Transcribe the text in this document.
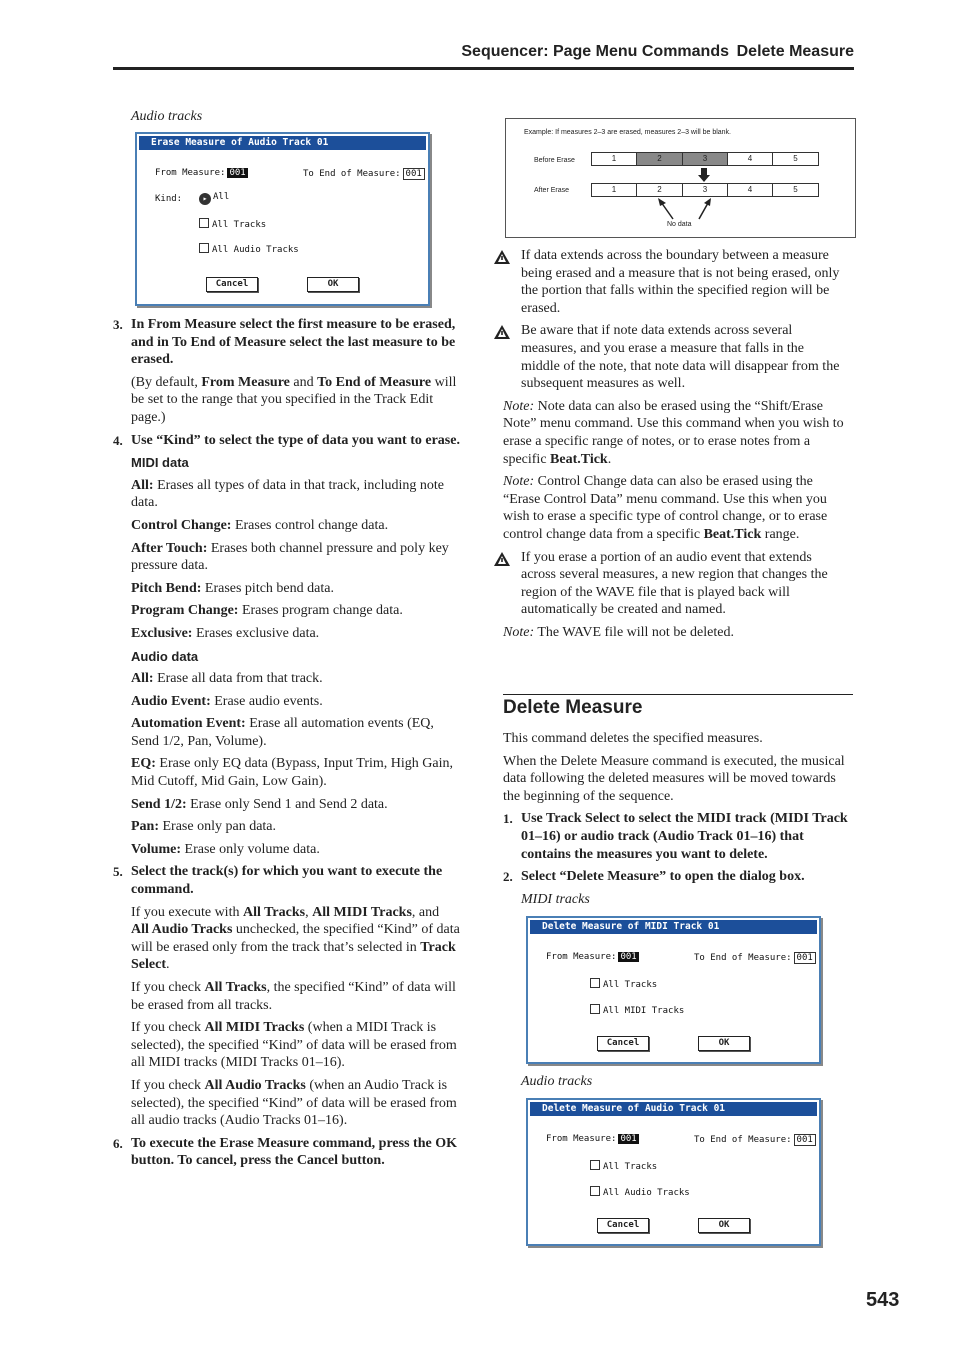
Sequencer: Page Menu Commands Delete Measure
Audio tracks
Erase Measure of Audio Track 01
From Measure: 001	To End of Measure: 001
Kind:	▸ All
All Tracks
All Audio Tracks
Cancel	OK
3. In From Measure select the first measure to be erased, and in To End of Measure select the last measure to be erased.

(By default, From Measure and To End of Measure will be set to the range that you specified in the Track Edit page.)

4. Use “Kind” to select the type of data you want to erase.
MIDI data

All: Erases all types of data in that track, including note data.

Control Change: Erases control change data.

After Touch: Erases both channel pressure and poly key pressure data.

Pitch Bend: Erases pitch bend data.

Program Change: Erases program change data.

Exclusive: Erases exclusive data.

Audio data

All: Erase all data from that track.

Audio Event: Erase audio events.

Automation Event: Erase all automation events (EQ, Send 1/2, Pan, Volume).

EQ: Erase only EQ data (Bypass, Input Trim, High Gain, Mid Cutoff, Mid Gain, Low Gain).

Send 1/2: Erase only Send 1 and Send 2 data.

Pan: Erase only pan data.

Volume: Erase only volume data.

5. Select the track(s) for which you want to execute the command.

If you execute with All Tracks, All MIDI Tracks, and All Audio Tracks unchecked, the specified “Kind” of data will be erased only from the track that’s selected in Track Select.

If you check All Tracks, the specified “Kind” of data will be erased from all tracks.

If you check All MIDI Tracks (when a MIDI Track is selected), the specified “Kind” of data will be erased from all MIDI tracks (MIDI Tracks 01–16).

If you check All Audio Tracks (when an Audio Track is selected), the specified “Kind” of data will be erased from all audio tracks (Audio Tracks 01–16).

6. To execute the Erase Measure command, press the OK button. To cancel, press the Cancel button.
Example: If measures 2–3 are erased, measures 2–3 will be blank.
Before Erase
After Erase
1	2	3	4	5
1	2	3	4	5
No data

If data extends across the boundary between a measure being erased and a measure that is not being erased, only the portion that falls within the specified region will be erased.

Be aware that if note data extends across several measures, and you erase a measure that falls in the middle of the note, that note data will disappear from the subsequent measures as well.

Note: Note data can also be erased using the “Shift/Erase Note” menu command. Use this command when you wish to erase a specific range of notes, or to erase notes from a specific Beat.Tick.

Note: Control Change data can also be erased using the “Erase Control Data” menu command. Use this when you wish to erase a specific type of control change, or to erase control change data from a specific Beat.Tick range.

If you erase a portion of an audio event that extends across several measures, a new region that changes the region of the WAVE file that is played back will automatically be created and named.

Note: The WAVE file will not be deleted.

Delete Measure

This command deletes the specified measures.

When the Delete Measure command is executed, the musical data following the deleted measures will be moved towards the beginning of the sequence.

1. Use Track Select to select the MIDI track (MIDI Track 01–16) or audio track (Audio Track 01–16) that contains the measures you want to delete.
2. Select “Delete Measure” to open the dialog box.

MIDI tracks

Delete Measure of MIDI Track 01
From Measure: 001	To End of Measure: 001
All Tracks
All MIDI Tracks
Cancel	OK
Audio tracks
Delete Measure of Audio Track 01
From Measure: 001	To End of Measure: 001
All Tracks
All Audio Tracks
Cancel	OK
543
